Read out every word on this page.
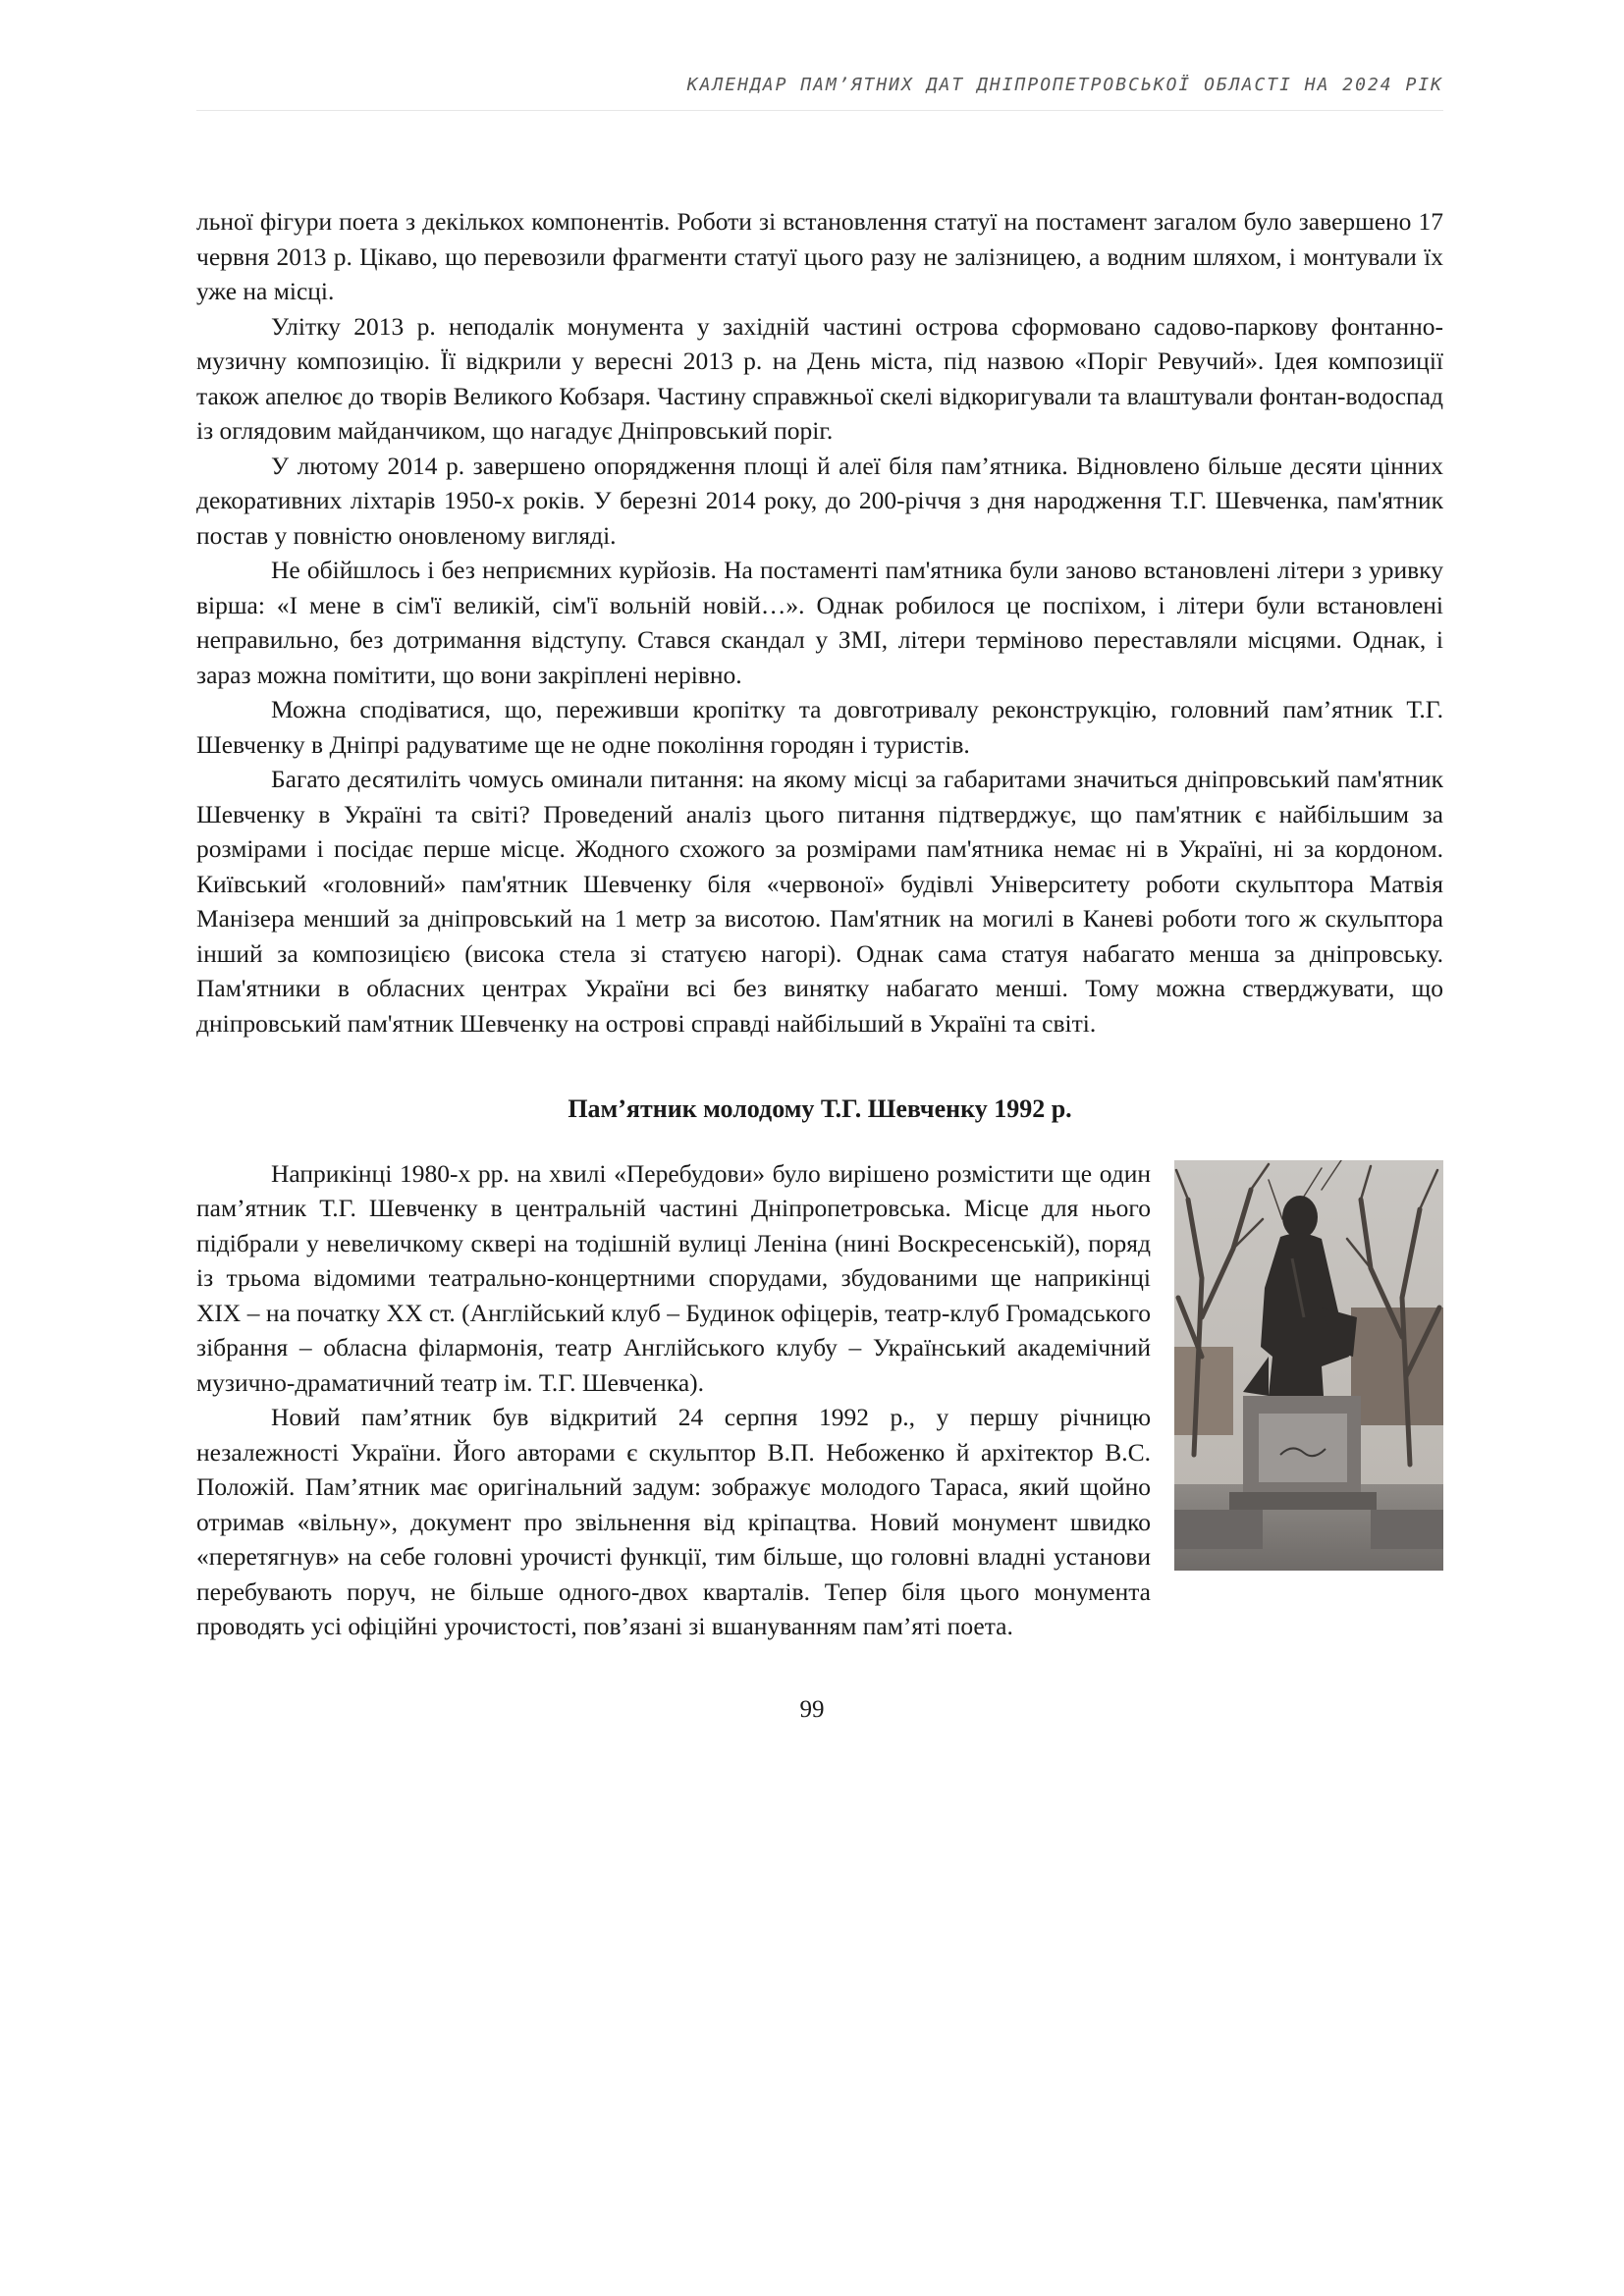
КАЛЕНДАР ПАМ’ЯТНИХ ДАТ ДНІПРОПЕТРОВСЬКОЇ ОБЛАСТІ НА 2024 РІК

льної фігури поета з декількох компонентів. Роботи зі встановлення статуї на постамент загалом було завершено 17 червня 2013 р. Цікаво, що перевозили фрагменти статуї цього разу не залізницею, а водним шляхом, і монтували їх уже на місці.

Улітку 2013 р. неподалік монумента у західній частині острова сформовано садово-паркову фонтанно-музичну композицію. Її відкрили у вересні 2013 р. на День міста, під назвою «Поріг Ревучий». Ідея композиції також апелює до творів Великого Кобзаря. Частину справжньої скелі відкоригували та влаштували фонтан-водоспад із оглядовим майданчиком, що нагадує Дніпровський поріг.

У лютому 2014 р. завершено опорядження площі й алеї біля пам’ятника. Відновлено більше десяти цінних декоративних ліхтарів 1950-х років. У березні 2014 року, до 200-річчя з дня народження Т.Г. Шевченка, пам'ятник постав у повністю оновленому вигляді.

Не обійшлось і без неприємних курйозів. На постаменті пам'ятника були заново встановлені літери з уривку вірша: «І мене в сім'ї великій, сім'ї вольній новій…». Однак робилося це поспіхом, і літери були встановлені неправильно, без дотримання відступу. Стався скандал у ЗМІ, літери терміново переставляли місцями. Однак, і зараз можна помітити, що вони закріплені нерівно.

Можна сподіватися, що, переживши кропітку та довготривалу реконструкцію, головний пам’ятник Т.Г. Шевченку в Дніпрі радуватиме ще не одне покоління городян і туристів.

Багато десятиліть чомусь оминали питання: на якому місці за габаритами значиться дніпровський пам'ятник Шевченку в Україні та світі? Проведений аналіз цього питання підтверджує, що пам'ятник є найбільшим за розмірами і посідає перше місце. Жодного схожого за розмірами пам'ятника немає ні в Україні, ні за кордоном. Київський «головний» пам'ятник Шевченку біля «червоної» будівлі Університету роботи скульптора Матвія Манізера менший за дніпровський на 1 метр за висотою. Пам'ятник на могилі в Каневі роботи того ж скульптора інший за композицією (висока стела зі статуєю нагорі). Однак сама статуя набагато менша за дніпровську. Пам'ятники в обласних центрах України всі без винятку набагато менші. Тому можна стверджувати, що дніпровський пам'ятник Шевченку на острові справді найбільший в Україні та світі.

Пам’ятник молодому Т.Г. Шевченку 1992 р.

Наприкінці 1980-х рр. на хвилі «Перебудови» було вирішено розмістити ще один пам’ятник Т.Г. Шевченку в центральній частині Дніпропетровська. Місце для нього підібрали у невеличкому сквері на тодішній вулиці Леніна (нині Воскресенській), поряд із трьома відомими театрально-концертними спорудами, збудованими ще наприкінці XIX – на початку XX ст. (Англійський клуб – Будинок офіцерів, театр-клуб Громадського зібрання – обласна філармонія, театр Англійського клубу – Український академічний музично-драматичний театр ім. Т.Г. Шевченка).

Новий пам’ятник був відкритий 24 серпня 1992 р., у першу річницю незалежності України. Його авторами є скульптор В.П. Небоженко й архітектор В.С. Положій. Пам’ятник має оригінальний задум: зображує молодого Тараса, який щойно отримав «вільну», документ про звільнення від кріпацтва. Новий монумент швидко «перетягнув» на себе головні урочисті функції, тим більше, що головні владні установи перебувають поруч, не більше одного-двох кварталів. Тепер біля цього монумента проводять усі офіційні урочистості, пов’язані зі вшануванням пам’яті поета.

99
